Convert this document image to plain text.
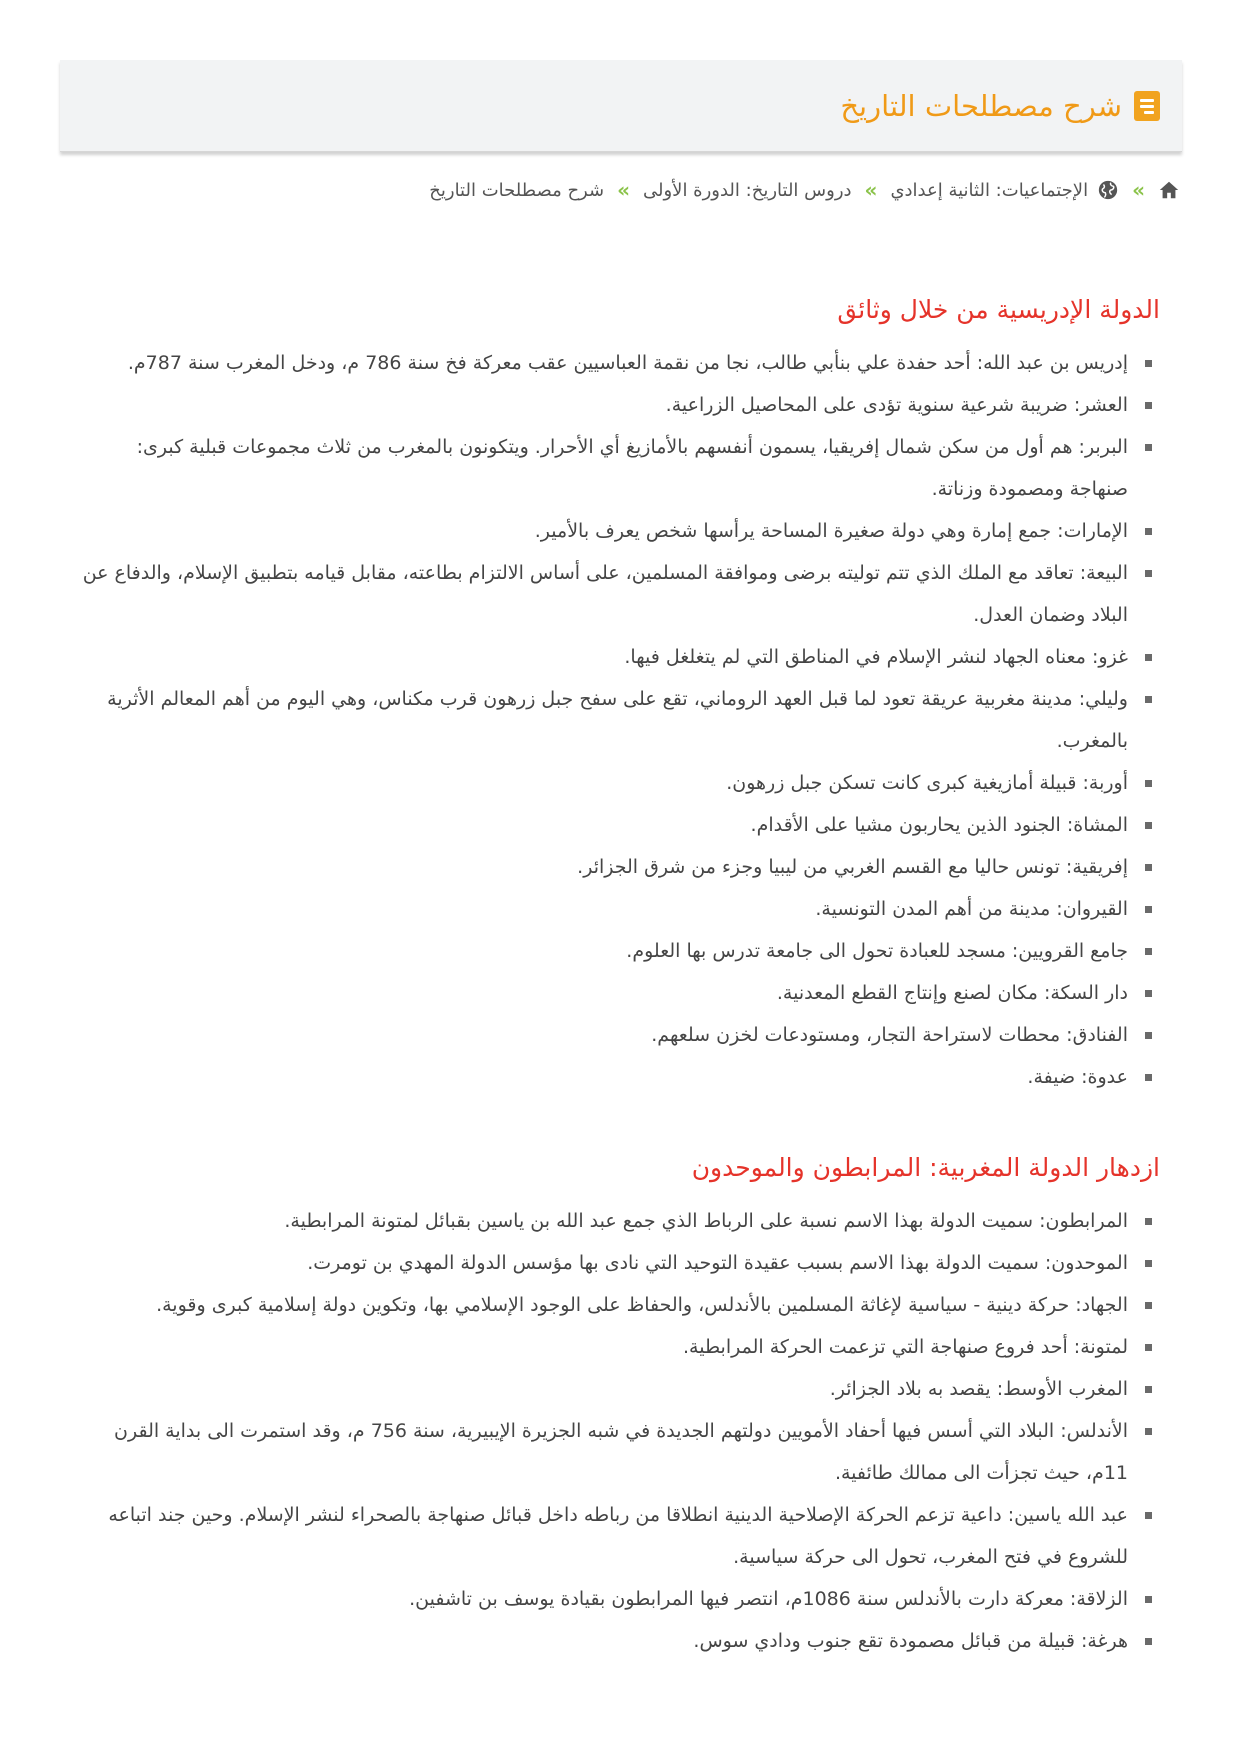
شرح مصطلحات التاريخ
»
الإجتماعيات: الثانية إعدادي
»
دروس التاريخ: الدورة الأولى
»
شرح مصطلحات التاريخ
الدولة الإدريسية من خلال وثائق
إدريس بن عبد الله: أحد حفدة علي بنأبي طالب، نجا من نقمة العباسيين عقب معركة فخ سنة 786 م، ودخل المغرب سنة 787م.
العشر: ضريبة شرعية سنوية تؤدى على المحاصيل الزراعية.
البربر: هم أول من سكن شمال إفريقيا، يسمون أنفسهم بالأمازيغ أي الأحرار. ويتكونون بالمغرب من ثلاث مجموعات قبلية كبرى: صنهاجة ومصمودة وزناتة.
الإمارات: جمع إمارة وهي دولة صغيرة المساحة يرأسها شخص يعرف بالأمير.
البيعة: تعاقد مع الملك الذي تتم توليته برضى وموافقة المسلمين، على أساس الالتزام بطاعته، مقابل قيامه بتطبيق الإسلام، والدفاع عن البلاد وضمان العدل.
غزو: معناه الجهاد لنشر الإسلام في المناطق التي لم يتغلغل فيها.
وليلي: مدينة مغربية عريقة تعود لما قبل العهد الروماني، تقع على سفح جبل زرهون قرب مكناس، وهي اليوم من أهم المعالم الأثرية بالمغرب.
أوربة: قبيلة أمازيغية كبرى كانت تسكن جبل زرهون.
المشاة: الجنود الذين يحاربون مشيا على الأقدام.
إفريقية: تونس حاليا مع القسم الغربي من ليبيا وجزء من شرق الجزائر.
القيروان: مدينة من أهم المدن التونسية.
جامع القرويين: مسجد للعبادة تحول الى جامعة تدرس بها العلوم.
دار السكة: مكان لصنع وإنتاج القطع المعدنية.
الفنادق: محطات لاستراحة التجار، ومستودعات لخزن سلعهم.
عدوة: ضيفة.
ازدهار الدولة المغربية: المرابطون والموحدون
المرابطون: سميت الدولة بهذا الاسم نسبة على الرباط الذي جمع عبد الله بن ياسين بقبائل لمتونة المرابطية.
الموحدون: سميت الدولة بهذا الاسم بسبب عقيدة التوحيد التي نادى بها مؤسس الدولة المهدي بن تومرت.
الجهاد: حركة دينية - سياسية لإغاثة المسلمين بالأندلس، والحفاظ على الوجود الإسلامي بها، وتكوين دولة إسلامية كبرى وقوية.
لمتونة: أحد فروع صنهاجة التي تزعمت الحركة المرابطية.
المغرب الأوسط: يقصد به بلاد الجزائر.
الأندلس: البلاد التي أسس فيها أحفاد الأمويين دولتهم الجديدة في شبه الجزيرة الإيبيرية، سنة 756 م، وقد استمرت الى بداية القرن 11م، حيث تجزأت الى ممالك طائفية.
عبد الله ياسين: داعية تزعم الحركة الإصلاحية الدينية انطلاقا من رباطه داخل قبائل صنهاجة بالصحراء لنشر الإسلام. وحين جند اتباعه للشروع في فتح المغرب، تحول الى حركة سياسية.
الزلاقة: معركة دارت بالأندلس سنة 1086م، انتصر فيها المرابطون بقيادة يوسف بن تاشفين.
هرغة: قبيلة من قبائل مصمودة تقع جنوب ودادي سوس.
